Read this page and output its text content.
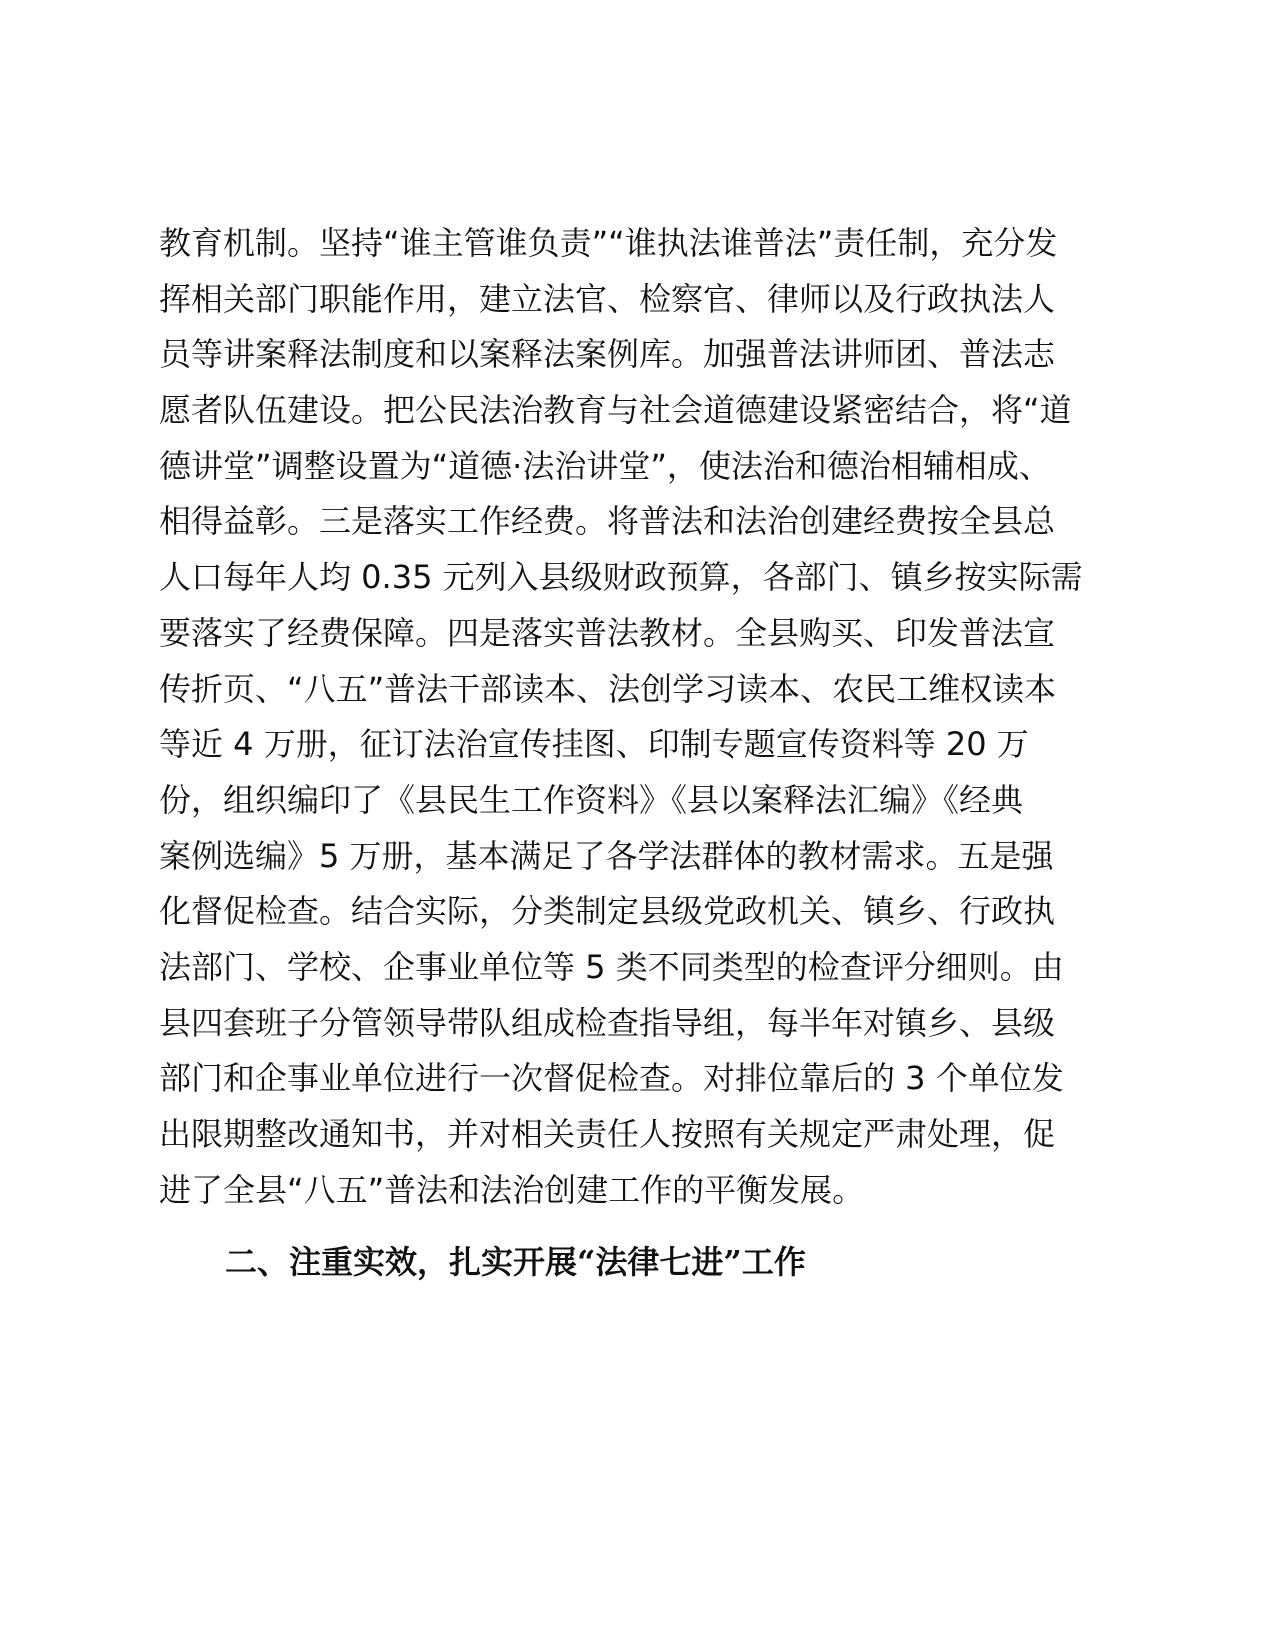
教育机制。坚持“谁主管谁负责”“谁执法谁普法”责任制，充分发
挥相关部门职能作用，建立法官、检察官、律师以及行政执法人
员等讲案释法制度和以案释法案例库。加强普法讲师团、普法志
愿者队伍建设。把公民法治教育与社会道德建设紧密结合，将“道
德讲堂”调整设置为“道德·法治讲堂”，使法治和德治相辅相成、
相得益彰。三是落实工作经费。将普法和法治创建经费按全县总
人口每年人均 0.35 元列入县级财政预算，各部门、镇乡按实际需
要落实了经费保障。四是落实普法教材。全县购买、印发普法宣
传折页、“八五”普法干部读本、法创学习读本、农民工维权读本
等近 4 万册，征订法治宣传挂图、印制专题宣传资料等 20 万
份，组织编印了《县民生工作资料》《县以案释法汇编》《经典
案例选编》5 万册，基本满足了各学法群体的教材需求。五是强
化督促检查。结合实际，分类制定县级党政机关、镇乡、行政执
法部门、学校、企事业单位等 5 类不同类型的检查评分细则。由
县四套班子分管领导带队组成检查指导组，每半年对镇乡、县级
部门和企事业单位进行一次督促检查。对排位靠后的 3 个单位发
出限期整改通知书，并对相关责任人按照有关规定严肃处理，促
进了全县“八五”普法和法治创建工作的平衡发展。
二、注重实效，扎实开展“法律七进”工作
